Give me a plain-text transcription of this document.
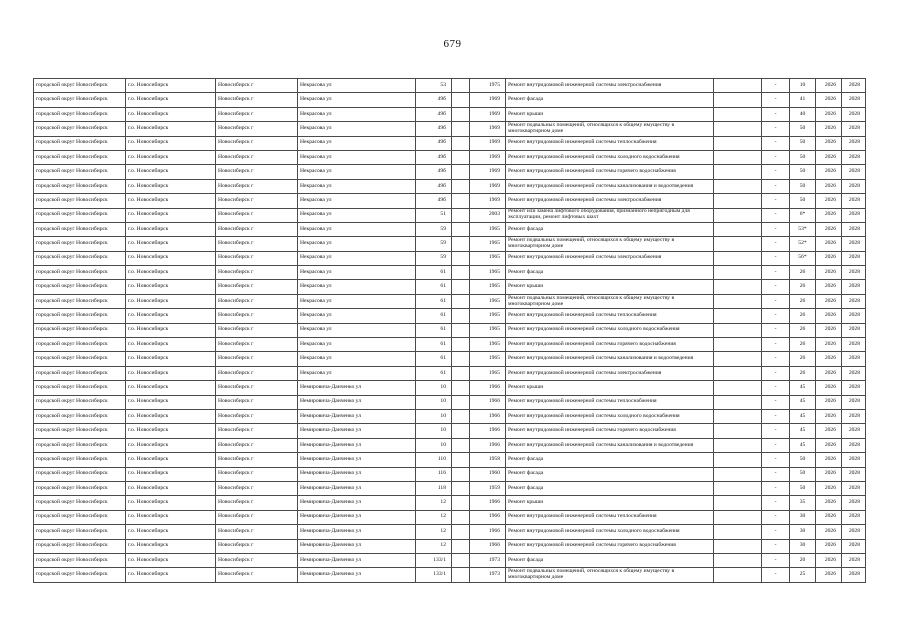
679
городской округ Новосибирск	г.о. Новосибирск	Новосибирск г	Некрасова ул	53		1975	Ремонт внутридомовой инженерной системы электроснабжения		-	10	2026	2028
городской округ Новосибирск	г.о. Новосибирск	Новосибирск г	Некрасова ул	49б		1969	Ремонт фасада		-	41	2026	2028
городской округ Новосибирск	г.о. Новосибирск	Новосибирск г	Некрасова ул	49б		1969	Ремонт крыши		-	40	2026	2028
городской округ Новосибирск	г.о. Новосибирск	Новосибирск г	Некрасова ул	49б		1969	Ремонт подвальных помещений, относящихся к общему имуществу в многоквартирном доме		-	50	2026	2028
городской округ Новосибирск	г.о. Новосибирск	Новосибирск г	Некрасова ул	49б		1969	Ремонт внутридомовой инженерной системы теплоснабжения		-	50	2026	2028
городской округ Новосибирск	г.о. Новосибирск	Новосибирск г	Некрасова ул	49б		1969	Ремонт внутридомовой инженерной системы холодного водоснабжения		-	50	2026	2028
городской округ Новосибирск	г.о. Новосибирск	Новосибирск г	Некрасова ул	49б		1969	Ремонт внутридомовой инженерной системы горячего водоснабжения		-	50	2026	2028
городской округ Новосибирск	г.о. Новосибирск	Новосибирск г	Некрасова ул	49б		1969	Ремонт внутридомовой инженерной системы канализования и водоотведения		-	50	2026	2028
городской округ Новосибирск	г.о. Новосибирск	Новосибирск г	Некрасова ул	49б		1969	Ремонт внутридомовой инженерной системы электроснабжения		-	50	2026	2028
городской округ Новосибирск	г.о. Новосибирск	Новосибирск г	Некрасова ул	51		2003	Ремонт или замена лифтового оборудования, признанного непригодным для эксплуатации, ремонт лифтовых шахт		-	6*	2026	2028
городской округ Новосибирск	г.о. Новосибирск	Новосибирск г	Некрасова ул	59		1965	Ремонт фасада		-	53*	2026	2028
городской округ Новосибирск	г.о. Новосибирск	Новосибирск г	Некрасова ул	59		1965	Ремонт подвальных помещений, относящихся к общему имуществу в многоквартирном доме		-	52*	2026	2028
городской округ Новосибирск	г.о. Новосибирск	Новосибирск г	Некрасова ул	59		1965	Ремонт внутридомовой инженерной системы электроснабжения		-	56*	2026	2028
городской округ Новосибирск	г.о. Новосибирск	Новосибирск г	Некрасова ул	61		1965	Ремонт фасада		-	26	2026	2028
городской округ Новосибирск	г.о. Новосибирск	Новосибирск г	Некрасова ул	61		1965	Ремонт крыши		-	26	2026	2028
городской округ Новосибирск	г.о. Новосибирск	Новосибирск г	Некрасова ул	61		1965	Ремонт подвальных помещений, относящихся к общему имуществу в многоквартирном доме		-	26	2026	2028
городской округ Новосибирск	г.о. Новосибирск	Новосибирск г	Некрасова ул	61		1965	Ремонт внутридомовой инженерной системы теплоснабжения		-	26	2026	2028
городской округ Новосибирск	г.о. Новосибирск	Новосибирск г	Некрасова ул	61		1965	Ремонт внутридомовой инженерной системы холодного водоснабжения		-	26	2026	2028
городской округ Новосибирск	г.о. Новосибирск	Новосибирск г	Некрасова ул	61		1965	Ремонт внутридомовой инженерной системы горячего водоснабжения		-	26	2026	2028
городской округ Новосибирск	г.о. Новосибирск	Новосибирск г	Некрасова ул	61		1965	Ремонт внутридомовой инженерной системы канализования и водоотведения		-	26	2026	2028
городской округ Новосибирск	г.о. Новосибирск	Новосибирск г	Некрасова ул	61		1965	Ремонт внутридомовой инженерной системы электроснабжения		-	26	2026	2028
городской округ Новосибирск	г.о. Новосибирск	Новосибирск г	Немировича-Данченко ул	10		1966	Ремонт крыши		-	45	2026	2028
городской округ Новосибирск	г.о. Новосибирск	Новосибирск г	Немировича-Данченко ул	10		1966	Ремонт внутридомовой инженерной системы теплоснабжения		-	45	2026	2028
городской округ Новосибирск	г.о. Новосибирск	Новосибирск г	Немировича-Данченко ул	10		1966	Ремонт внутридомовой инженерной системы холодного водоснабжения		-	45	2026	2028
городской округ Новосибирск	г.о. Новосибирск	Новосибирск г	Немировича-Данченко ул	10		1966	Ремонт внутридомовой инженерной системы горячего водоснабжения		-	45	2026	2028
городской округ Новосибирск	г.о. Новосибирск	Новосибирск г	Немировича-Данченко ул	10		1966	Ремонт внутридомовой инженерной системы канализования и водоотведения		-	45	2026	2028
городской округ Новосибирск	г.о. Новосибирск	Новосибирск г	Немировича-Данченко ул	110		1958	Ремонт фасада		-	50	2026	2028
городской округ Новосибирск	г.о. Новосибирск	Новосибирск г	Немировича-Данченко ул	116		1960	Ремонт фасада		-	50	2026	2028
городской округ Новосибирск	г.о. Новосибирск	Новосибирск г	Немировича-Данченко ул	118		1959	Ремонт фасада		-	50	2026	2028
городской округ Новосибирск	г.о. Новосибирск	Новосибирск г	Немировича-Данченко ул	12		1966	Ремонт крыши		-	35	2026	2028
городской округ Новосибирск	г.о. Новосибирск	Новосибирск г	Немировича-Данченко ул	12		1966	Ремонт внутридомовой инженерной системы теплоснабжения		-	30	2026	2028
городской округ Новосибирск	г.о. Новосибирск	Новосибирск г	Немировича-Данченко ул	12		1966	Ремонт внутридомовой инженерной системы холодного водоснабжения		-	30	2026	2028
городской округ Новосибирск	г.о. Новосибирск	Новосибирск г	Немировича-Данченко ул	12		1966	Ремонт внутридомовой инженерной системы горячего водоснабжения		-	30	2026	2028
городской округ Новосибирск	г.о. Новосибирск	Новосибирск г	Немировича-Данченко ул	133/1		1973	Ремонт фасада		-	20	2026	2028
городской округ Новосибирск	г.о. Новосибирск	Новосибирск г	Немировича-Данченко ул	133/1		1973	Ремонт подвальных помещений, относящихся к общему имуществу в многоквартирном доме		-	25	2026	2028
